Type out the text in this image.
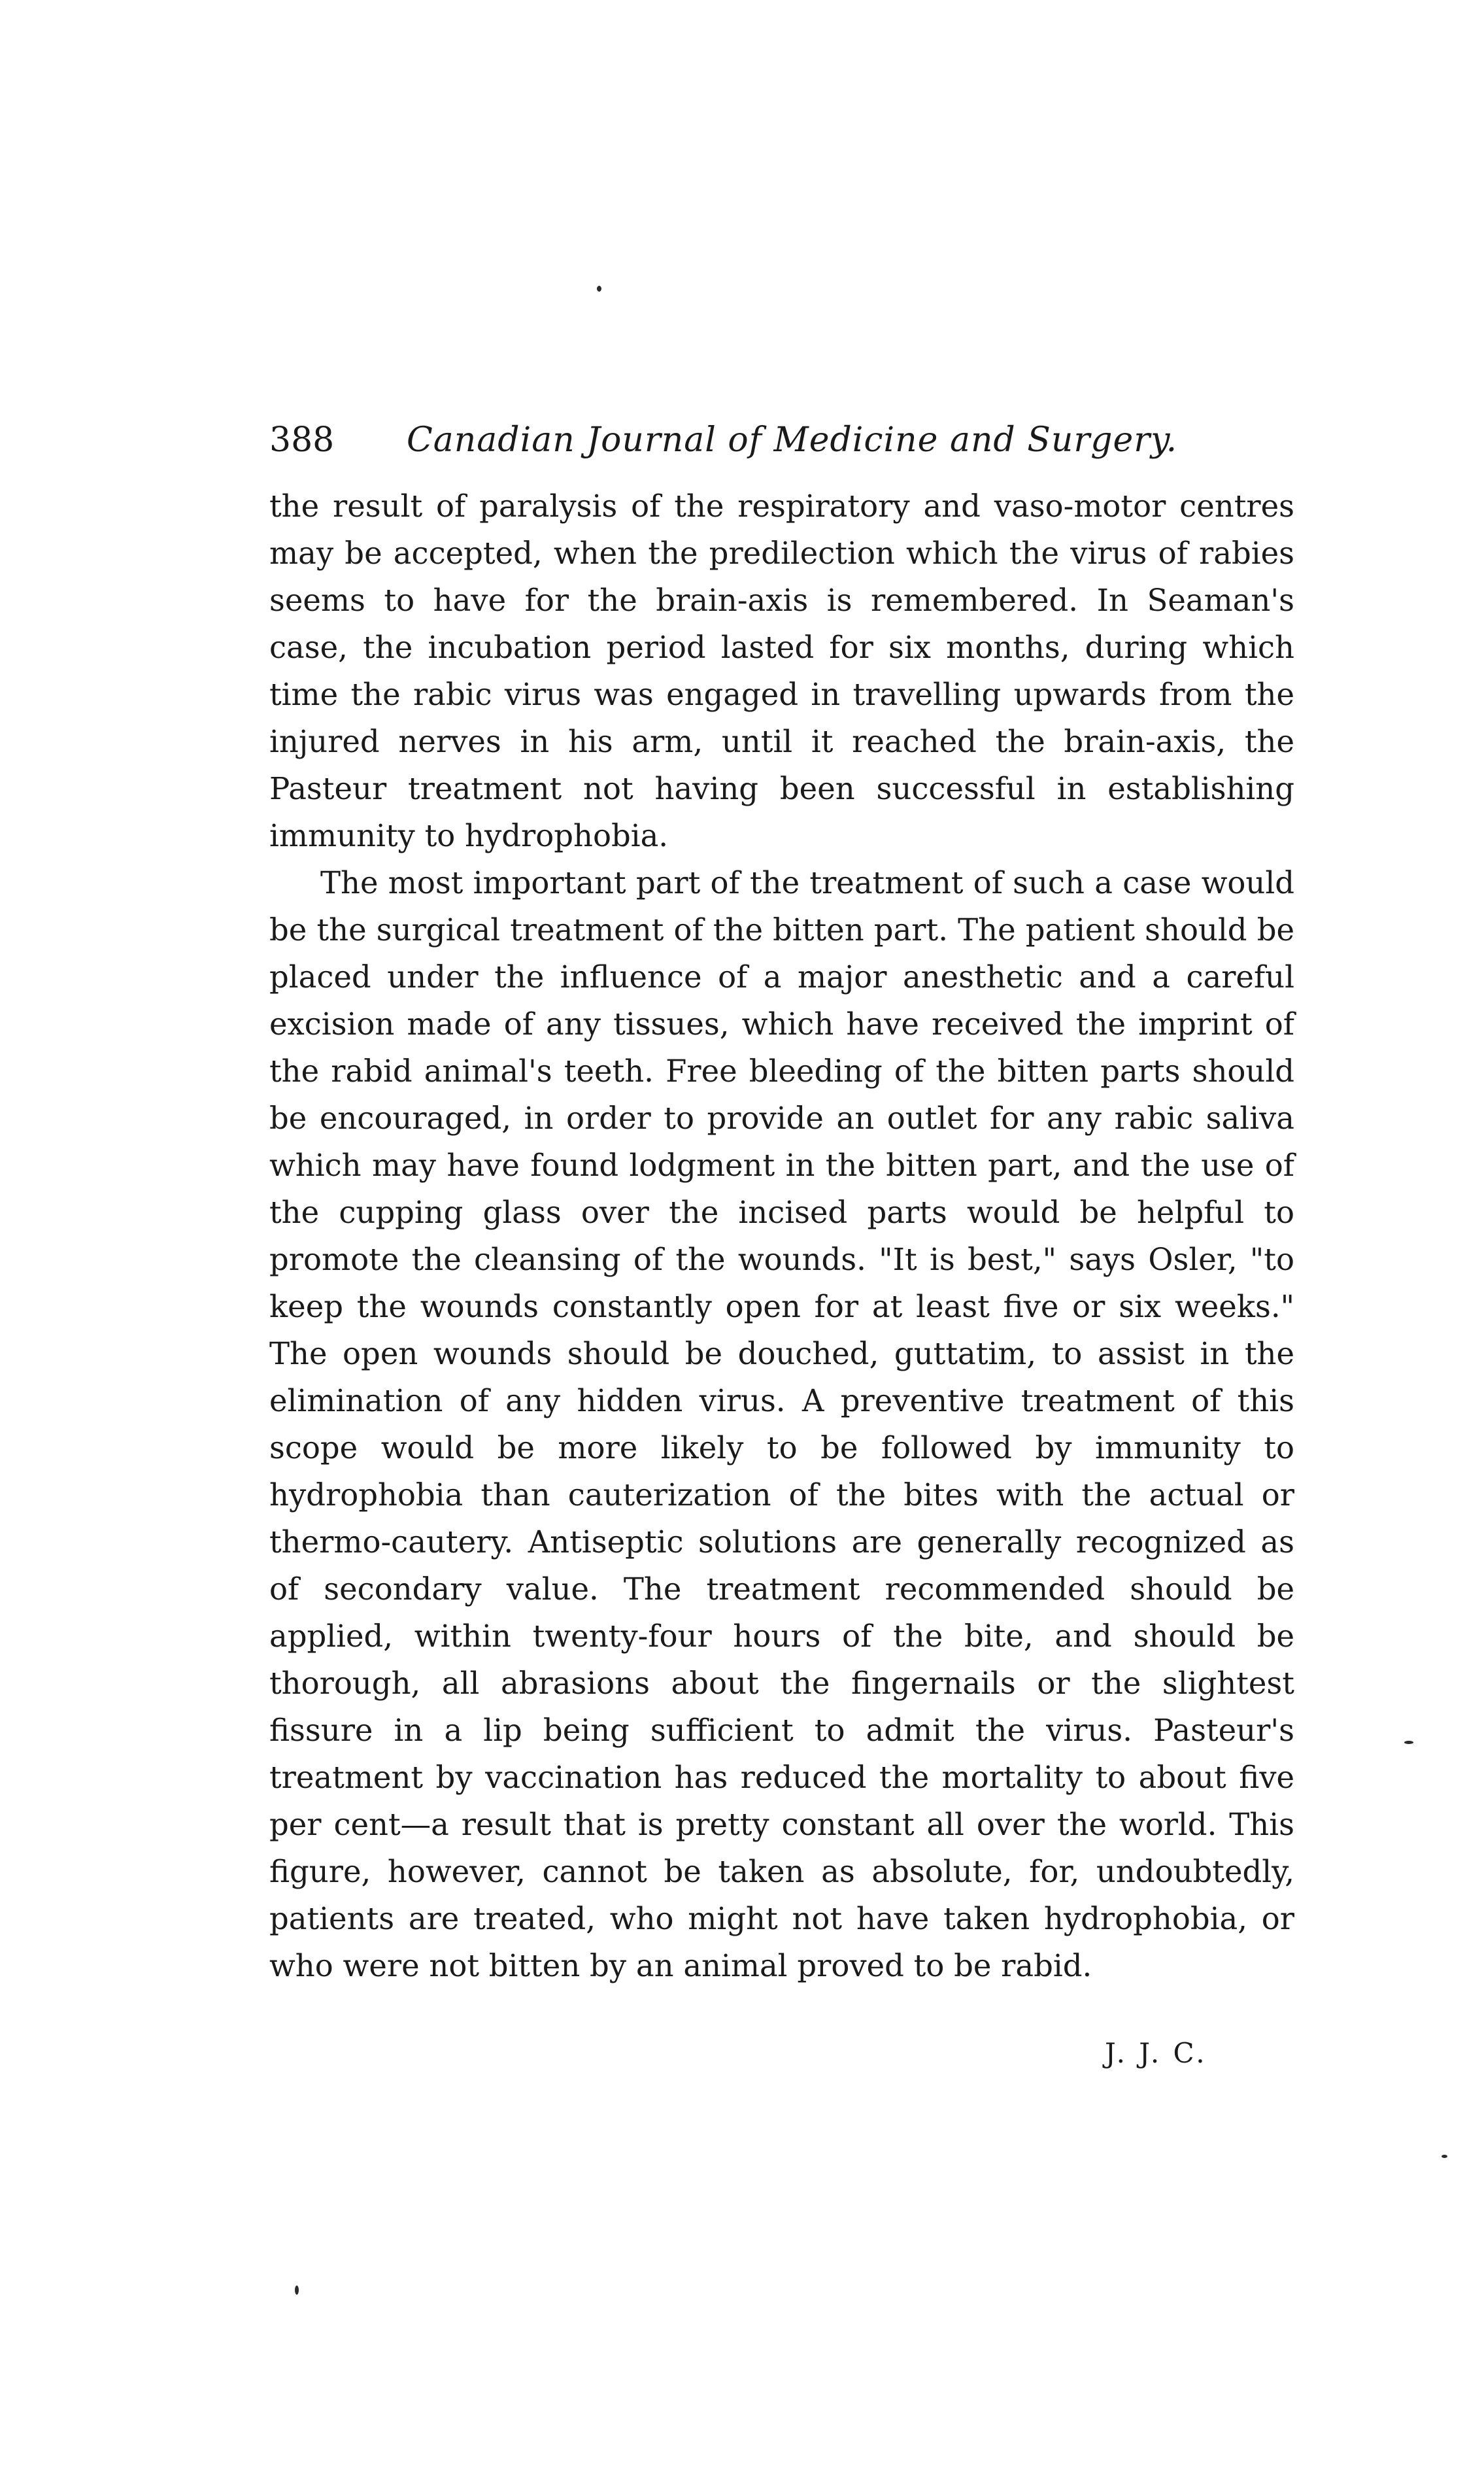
388 Canadian Journal of Medicine and Surgery.

the result of paralysis of the respiratory and vaso-motor centres may be accepted, when the predilection which the virus of rabies seems to have for the brain-axis is remembered. In Seaman's case, the incubation period lasted for six months, during which time the rabic virus was engaged in travelling upwards from the injured nerves in his arm, until it reached the brain-axis, the Pasteur treatment not having been successful in establishing immunity to hydrophobia.

The most important part of the treatment of such a case would be the surgical treatment of the bitten part. The patient should be placed under the influence of a major anesthetic and a careful excision made of any tissues, which have received the imprint of the rabid animal's teeth. Free bleeding of the bitten parts should be encouraged, in order to provide an outlet for any rabic saliva which may have found lodgment in the bitten part, and the use of the cupping glass over the incised parts would be helpful to promote the cleansing of the wounds. "It is best," says Osler, "to keep the wounds constantly open for at least five or six weeks." The open wounds should be douched, guttatim, to assist in the elimination of any hidden virus. A preventive treatment of this scope would be more likely to be followed by immunity to hydrophobia than cauterization of the bites with the actual or thermo-cautery. Antiseptic solutions are generally recognized as of secondary value. The treatment recommended should be applied, within twenty-four hours of the bite, and should be thorough, all abrasions about the fingernails or the slightest fissure in a lip being sufficient to admit the virus. Pasteur's treatment by vaccination has reduced the mortality to about five per cent—a result that is pretty constant all over the world. This figure, however, cannot be taken as absolute, for, undoubtedly, patients are treated, who might not have taken hydrophobia, or who were not bitten by an animal proved to be rabid.

J. J. C.
